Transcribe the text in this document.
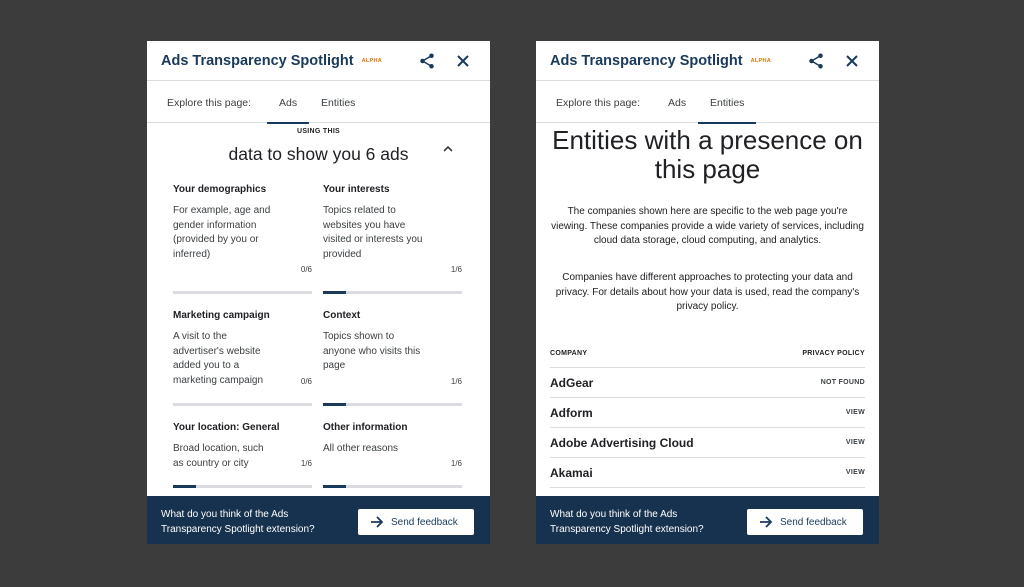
Ads Transparency Spotlight ALPHA
Explore this page:	Ads Entities
USING THIS
data to show you 6 ads
Your demographics
For example, age and gender information (provided by you or inferred)
0/6
Your interests
Topics related to websites you have visited or interests you provided
1/6
Marketing campaign
A visit to the advertiser's website added you to a marketing campaign	0/6
Context
Topics shown to anyone who visits this page
1/6
Your location: General
Broad location, such as country or city	1/6
Other information
All other reasons
1/6
What do you think of the Ads Transparency Spotlight extension?
Send feedback
Ads Transparency Spotlight ALPHA
Explore this page:	Ads Entities
Entities with a presence on this page
The companies shown here are specific to the web page you're viewing. These companies provide a wide variety of services, including cloud data storage, cloud computing, and analytics.
Companies have different approaches to protecting your data and privacy. For details about how your data is used, read the company's privacy policy.
COMPANY	PRIVACY POLICY
AdGear	NOT FOUND
Adform	VIEW
Adobe Advertising Cloud	VIEW
Akamai	VIEW
What do you think of the Ads Transparency Spotlight extension?
Send feedback
